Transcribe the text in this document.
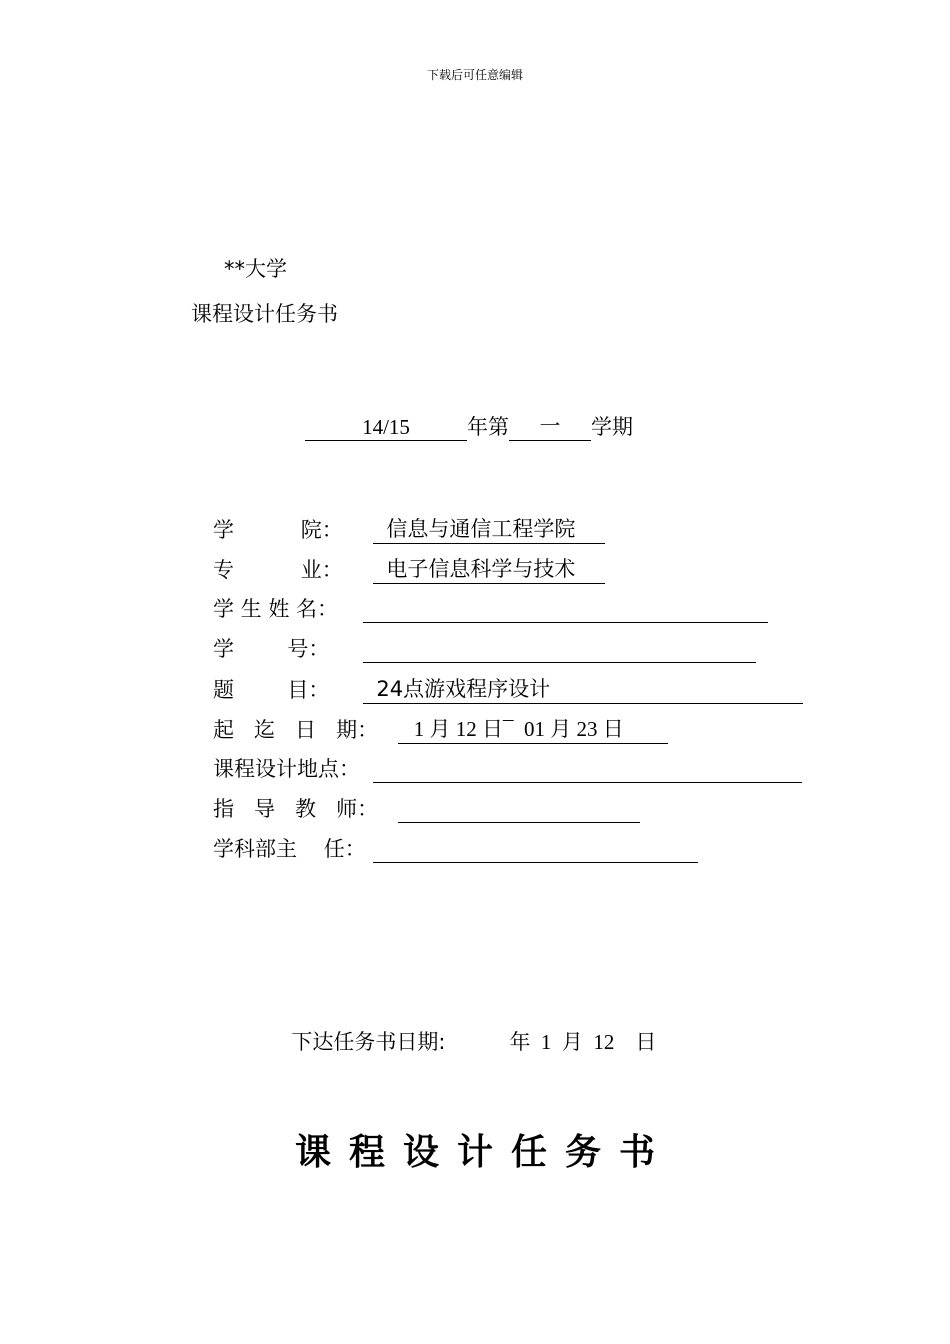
下载后可任意编辑
**大学
课程设计任务书
14/15	年第 一 学期
学          院：  信息与通信工程学院
专          业：  电子信息科学与技术
学 生 姓 名：
学        号：
题        目：  24点游戏程序设计
起   迄   日   期：   1 月 12 日¯  01 月 23 日
课程设计地点：
指   导   教   师：
学科部主    任：

下达任务书日期:	年  1  月  12    日

课程设计任务书
